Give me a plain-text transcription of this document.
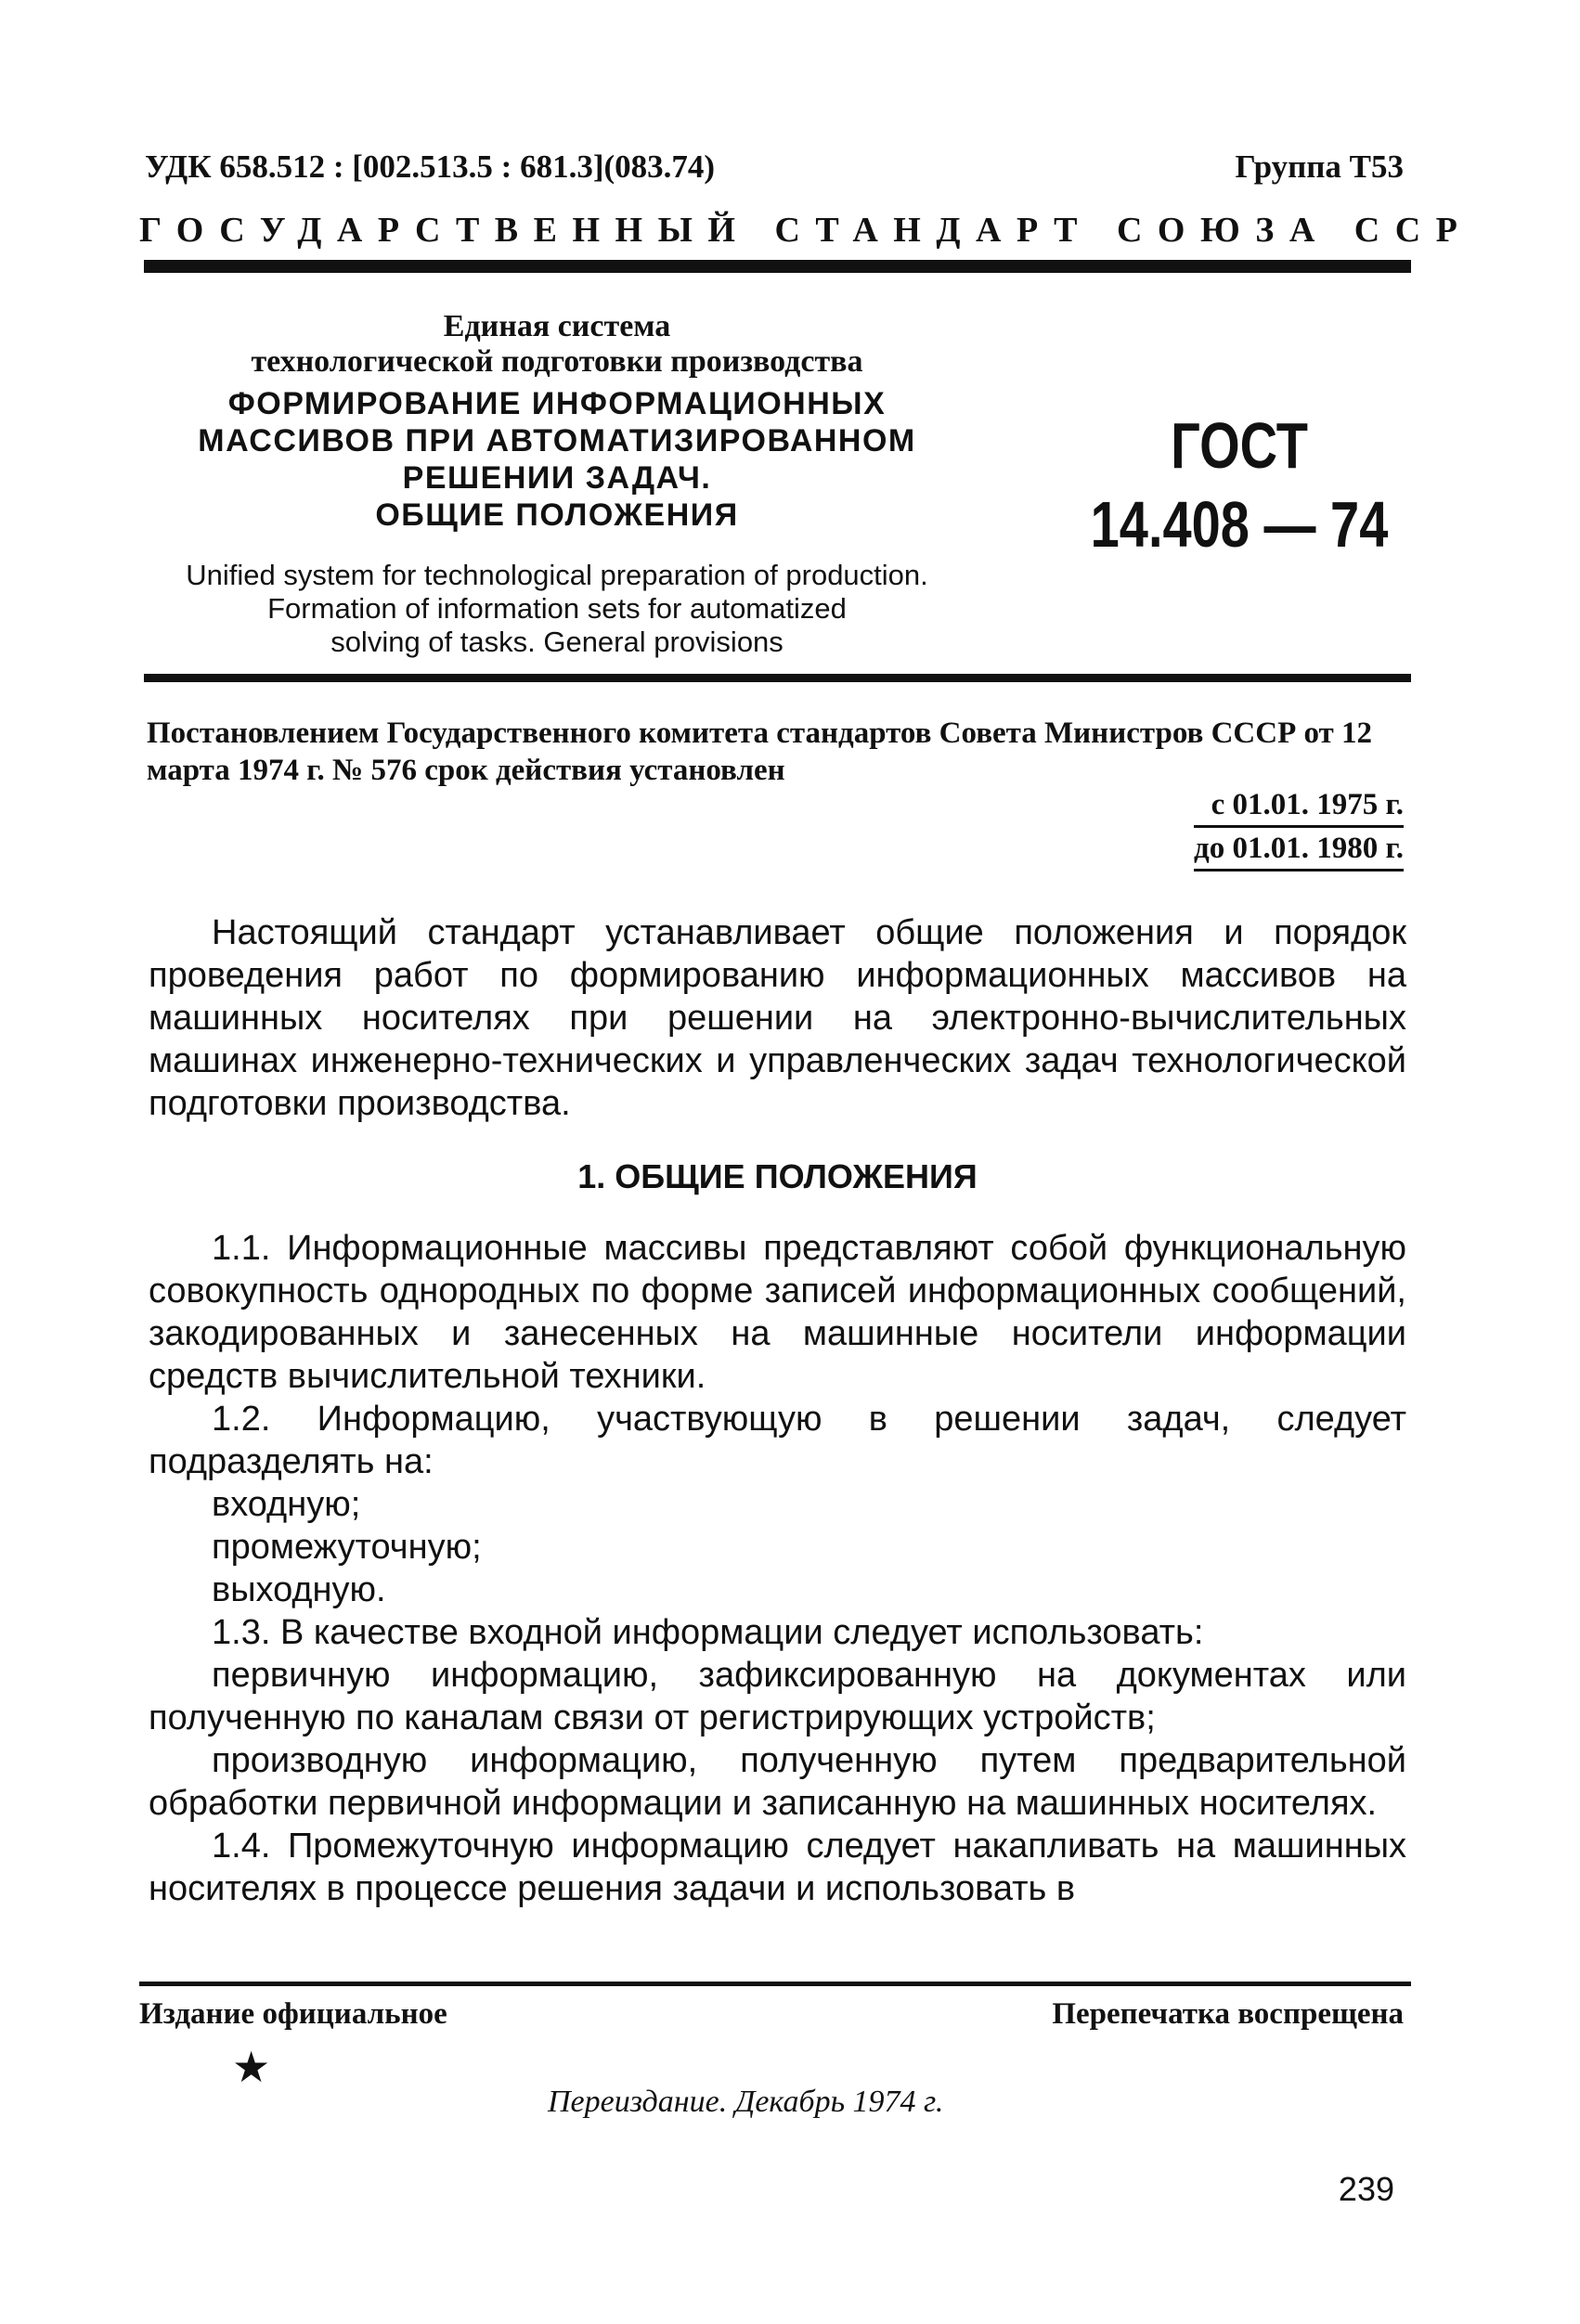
УДК 658.512 : [002.513.5 : 681.3](083.74)	Группа Т53
ГОСУДАРСТВЕННЫЙ СТАНДАРТ СОЮЗА ССР
Единая система
технологической подготовки производства
ФОРМИРОВАНИЕ ИНФОРМАЦИОННЫХ
МАССИВОВ ПРИ АВТОМАТИЗИРОВАННОМ
РЕШЕНИИ ЗАДАЧ.
ОБЩИЕ ПОЛОЖЕНИЯ
Unified system for technological preparation of production.
Formation of information sets for automatized
solving of tasks. General provisions
ГОСТ
14.408 — 74
Постановлением Государственного комитета стандартов Совета Министров СССР от 12 марта 1974 г. № 576 срок действия установлен
с 01.01. 1975 г.
до 01.01. 1980 г.

Настоящий стандарт устанавливает общие положения и порядок проведения работ по формированию информационных массивов на машинных носителях при решении на электронно-вычислительных машинах инженерно-технических и управленческих задач технологической подготовки производства.

1. ОБЩИЕ ПОЛОЖЕНИЯ

1.1. Информационные массивы представляют собой функциональную совокупность однородных по форме записей информационных сообщений, закодированных и занесенных на машинные носители информации средств вычислительной техники.

1.2. Информацию, участвующую в решении задач, следует подразделять на:

входную;

промежуточную;

выходную.

1.3. В качестве входной информации следует использовать:

первичную информацию, зафиксированную на документах или полученную по каналам связи от регистрирующих устройств;

производную информацию, полученную путем предварительной обработки первичной информации и записанную на машинных носителях.

1.4. Промежуточную информацию следует накапливать на машинных носителях в процессе решения задачи и использовать в

Издание официальное	Перепечатка воспрещена
★
Переиздание. Декабрь 1974 г.
239
